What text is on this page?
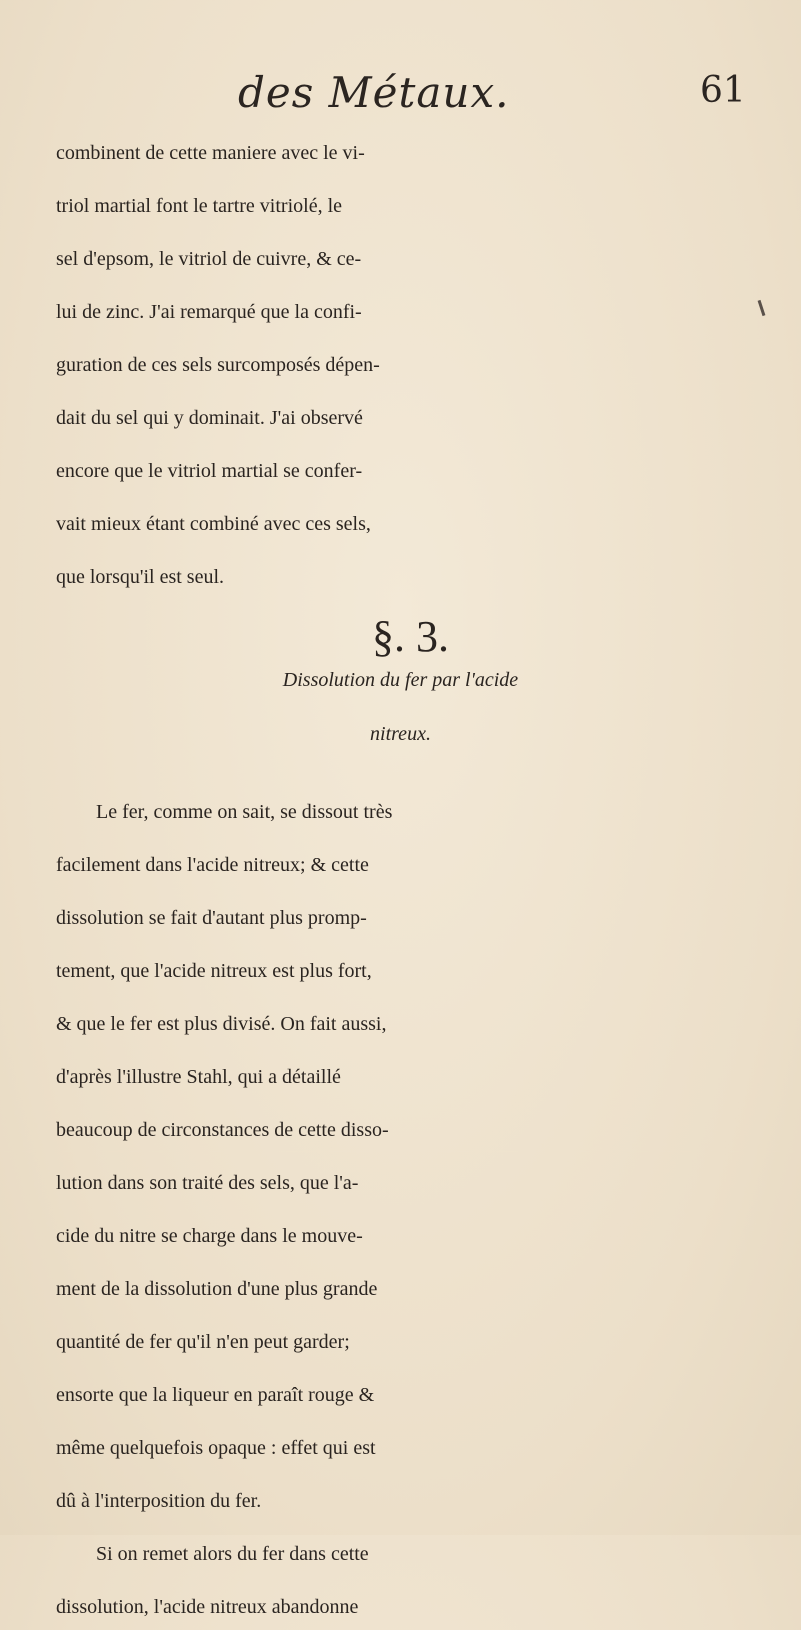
des Métaux.	61
combinent de cette maniere avec le vi-
triol martial font le tartre vitriolé, le
sel d'epsom, le vitriol de cuivre, & ce-
lui de zinc. J'ai remarqué que la confi-
guration de ces sels surcomposés dépen-
dait du sel qui y dominait. J'ai observé
encore que le vitriol martial se confer-
vait mieux étant combiné avec ces sels,
que lorsqu'il est seul.
§. 3.
Dissolution du fer par l'acide
nitreux.
Le fer, comme on sait, se dissout très
facilement dans l'acide nitreux; & cette
dissolution se fait d'autant plus promp-
tement, que l'acide nitreux est plus fort,
& que le fer est plus divisé. On fait aussi,
d'après l'illustre Stahl, qui a détaillé
beaucoup de circonstances de cette disso-
lution dans son traité des sels, que l'a-
cide du nitre se charge dans le mouve-
ment de la dissolution d'une plus grande
quantité de fer qu'il n'en peut garder;
ensorte que la liqueur en paraît rouge &
même quelquefois opaque : effet qui est
dû à l'interposition du fer.
Si on remet alors du fer dans cette
dissolution, l'acide nitreux abandonne
